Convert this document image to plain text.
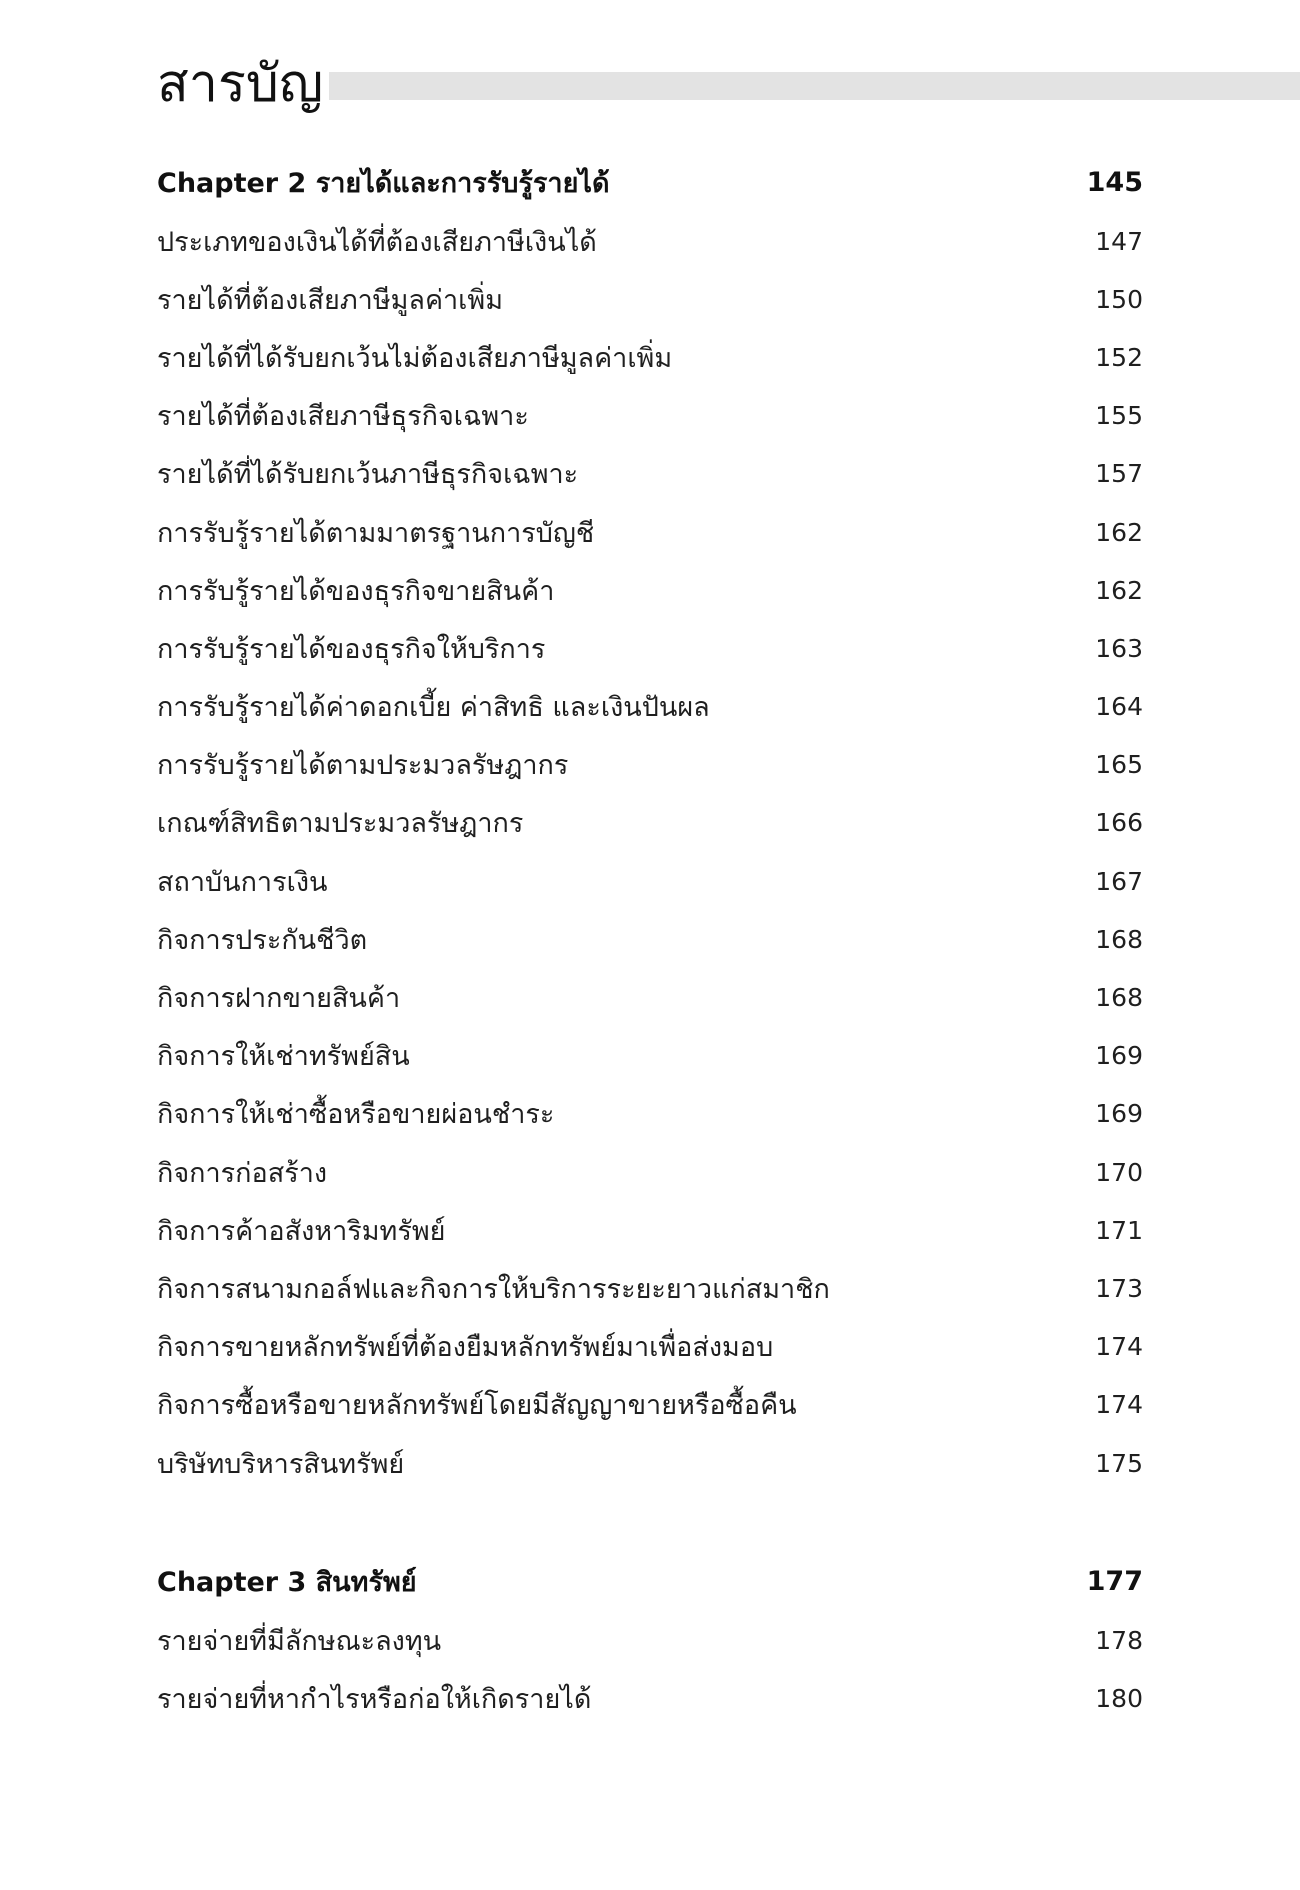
สารบัญ
Chapter 2 รายได้และการรับรู้รายได้	145
ประเภทของเงินได้ที่ต้องเสียภาษีเงินได้	147
รายได้ที่ต้องเสียภาษีมูลค่าเพิ่ม	150
รายได้ที่ได้รับยกเว้นไม่ต้องเสียภาษีมูลค่าเพิ่ม	152
รายได้ที่ต้องเสียภาษีธุรกิจเฉพาะ	155
รายได้ที่ได้รับยกเว้นภาษีธุรกิจเฉพาะ	157
การรับรู้รายได้ตามมาตรฐานการบัญชี	162
การรับรู้รายได้ของธุรกิจขายสินค้า	162
การรับรู้รายได้ของธุรกิจให้บริการ	163
การรับรู้รายได้ค่าดอกเบี้ย ค่าสิทธิ และเงินปันผล	164
การรับรู้รายได้ตามประมวลรัษฎากร	165
เกณฑ์สิทธิตามประมวลรัษฎากร	166
สถาบันการเงิน	167
กิจการประกันชีวิต	168
กิจการฝากขายสินค้า	168
กิจการให้เช่าทรัพย์สิน	169
กิจการให้เช่าซื้อหรือขายผ่อนชำระ	169
กิจการก่อสร้าง	170
กิจการค้าอสังหาริมทรัพย์	171
กิจการสนามกอล์ฟและกิจการให้บริการระยะยาวแก่สมาชิก	173
กิจการขายหลักทรัพย์ที่ต้องยืมหลักทรัพย์มาเพื่อส่งมอบ	174
กิจการซื้อหรือขายหลักทรัพย์โดยมีสัญญาขายหรือซื้อคืน	174
บริษัทบริหารสินทรัพย์	175
Chapter 3 สินทรัพย์	177
รายจ่ายที่มีลักษณะลงทุน	178
รายจ่ายที่หากำไรหรือก่อให้เกิดรายได้	180
